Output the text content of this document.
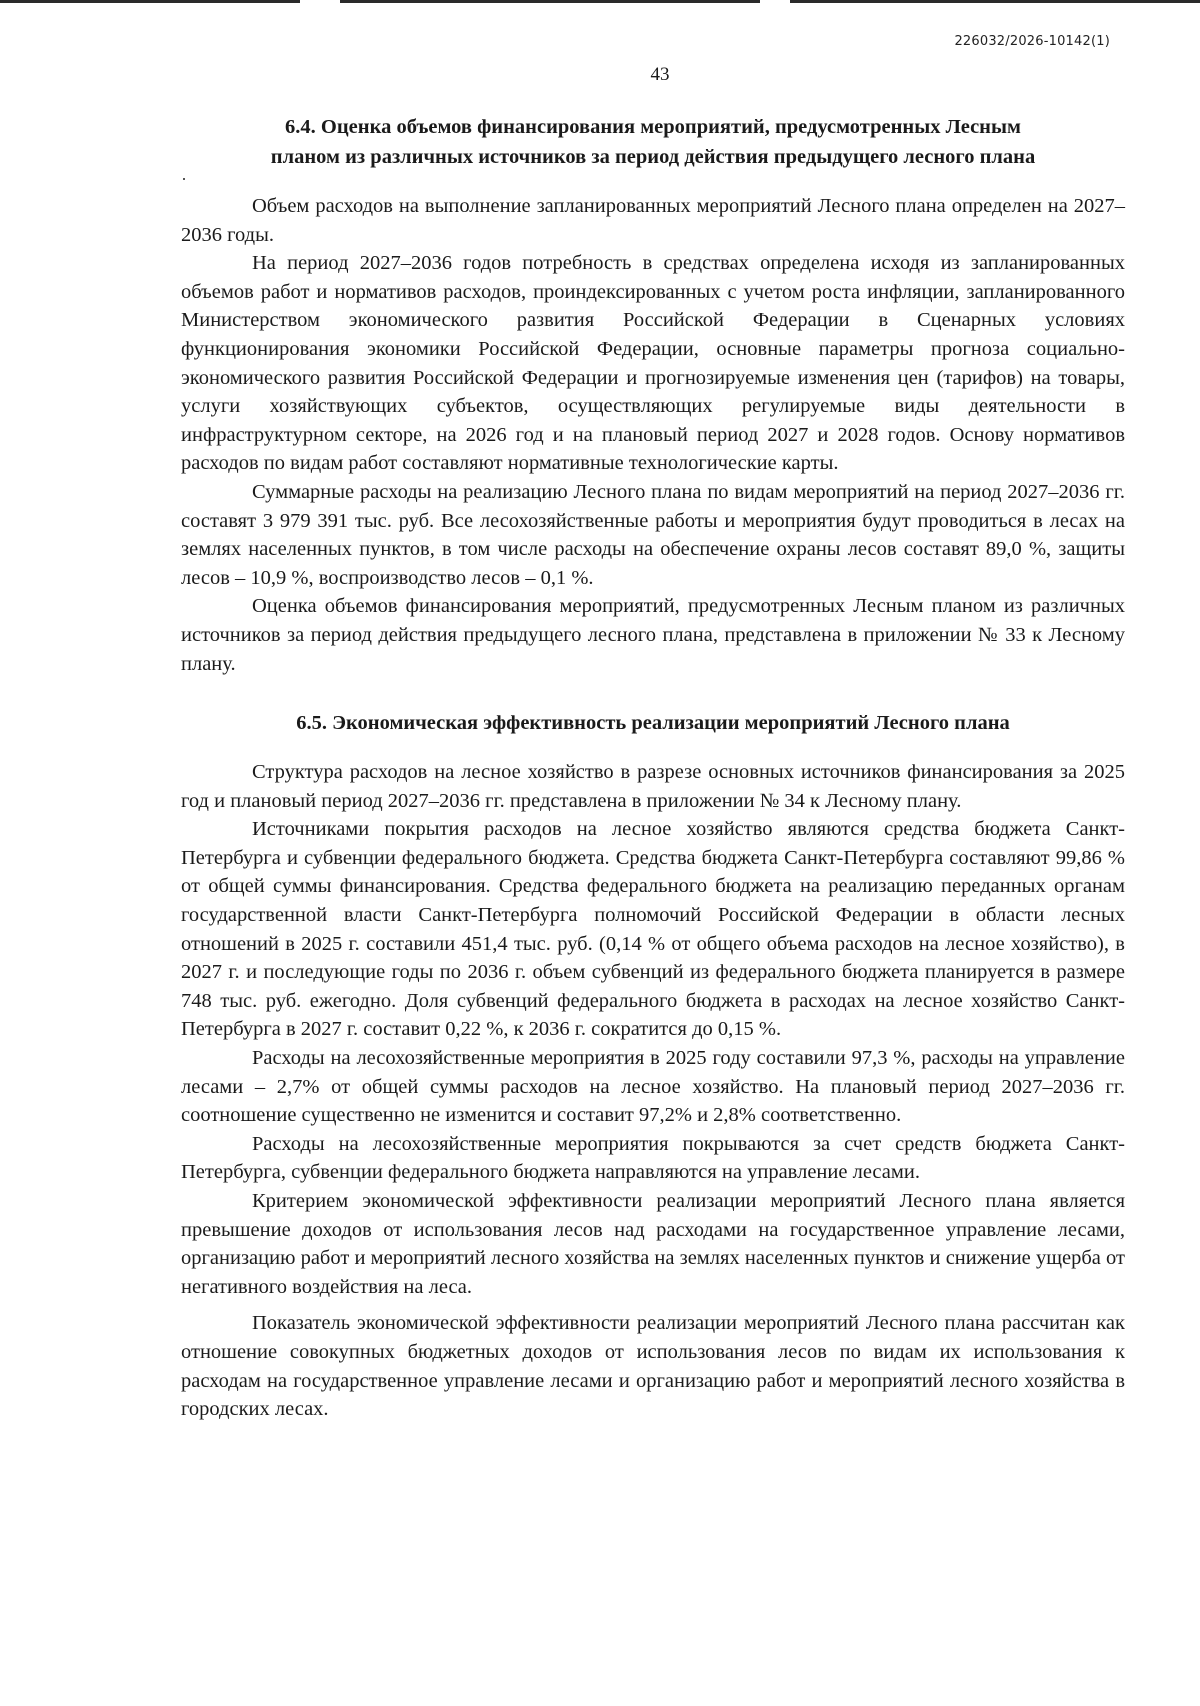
226032/2026-10142(1)
43
6.4. Оценка объемов финансирования мероприятий, предусмотренных Лесным
планом из различных источников за период действия предыдущего лесного плана

Объем расходов на выполнение запланированных мероприятий Лесного плана определен на 2027–2036 годы.

На период 2027–2036 годов потребность в средствах определена исходя из запланированных объемов работ и нормативов расходов, проиндексированных с учетом роста инфляции, запланированного Министерством экономического развития Российской Федерации в Сценарных условиях функционирования экономики Российской Федерации, основные параметры прогноза социально-экономического развития Российской Федерации и прогнозируемые изменения цен (тарифов) на товары, услуги хозяйствующих субъектов, осуществляющих регулируемые виды деятельности в инфраструктурном секторе, на 2026 год и на плановый период 2027 и 2028 годов. Основу нормативов расходов по видам работ составляют нормативные технологические карты.

Суммарные расходы на реализацию Лесного плана по видам мероприятий на период 2027–2036 гг. составят 3 979 391 тыс. руб. Все лесохозяйственные работы и мероприятия будут проводиться в лесах на землях населенных пунктов, в том числе расходы на обеспечение охраны лесов составят 89,0 %, защиты лесов – 10,9 %, воспроизводство лесов – 0,1 %.

Оценка объемов финансирования мероприятий, предусмотренных Лесным планом из различных источников за период действия предыдущего лесного плана, представлена в приложении № 33 к Лесному плану.

6.5. Экономическая эффективность реализации мероприятий Лесного плана

Структура расходов на лесное хозяйство в разрезе основных источников финансирования за 2025 год и плановый период 2027–2036 гг. представлена в приложении № 34 к Лесному плану.

Источниками покрытия расходов на лесное хозяйство являются средства бюджета Санкт-Петербурга и субвенции федерального бюджета. Средства бюджета Санкт-Петербурга составляют 99,86 % от общей суммы финансирования. Средства федерального бюджета на реализацию переданных органам государственной власти Санкт-Петербурга полномочий Российской Федерации в области лесных отношений в 2025 г. составили 451,4 тыс. руб. (0,14 % от общего объема расходов на лесное хозяйство), в 2027 г. и последующие годы по 2036 г. объем субвенций из федерального бюджета планируется в размере 748 тыс. руб. ежегодно. Доля субвенций федерального бюджета в расходах на лесное хозяйство Санкт-Петербурга в 2027 г. составит 0,22 %, к 2036 г. сократится до 0,15 %.

Расходы на лесохозяйственные мероприятия в 2025 году составили 97,3 %, расходы на управление лесами – 2,7% от общей суммы расходов на лесное хозяйство. На плановый период 2027–2036 гг. соотношение существенно не изменится и составит 97,2% и 2,8% соответственно.

Расходы на лесохозяйственные мероприятия покрываются за счет средств бюджета Санкт-Петербурга, субвенции федерального бюджета направляются на управление лесами.

Критерием экономической эффективности реализации мероприятий Лесного плана является превышение доходов от использования лесов над расходами на государственное управление лесами, организацию работ и мероприятий лесного хозяйства на землях населенных пунктов и снижение ущерба от негативного воздействия на леса.

Показатель экономической эффективности реализации мероприятий Лесного плана рассчитан как отношение совокупных бюджетных доходов от использования лесов по видам их использования к расходам на государственное управление лесами и организацию работ и мероприятий лесного хозяйства в городских лесах.
